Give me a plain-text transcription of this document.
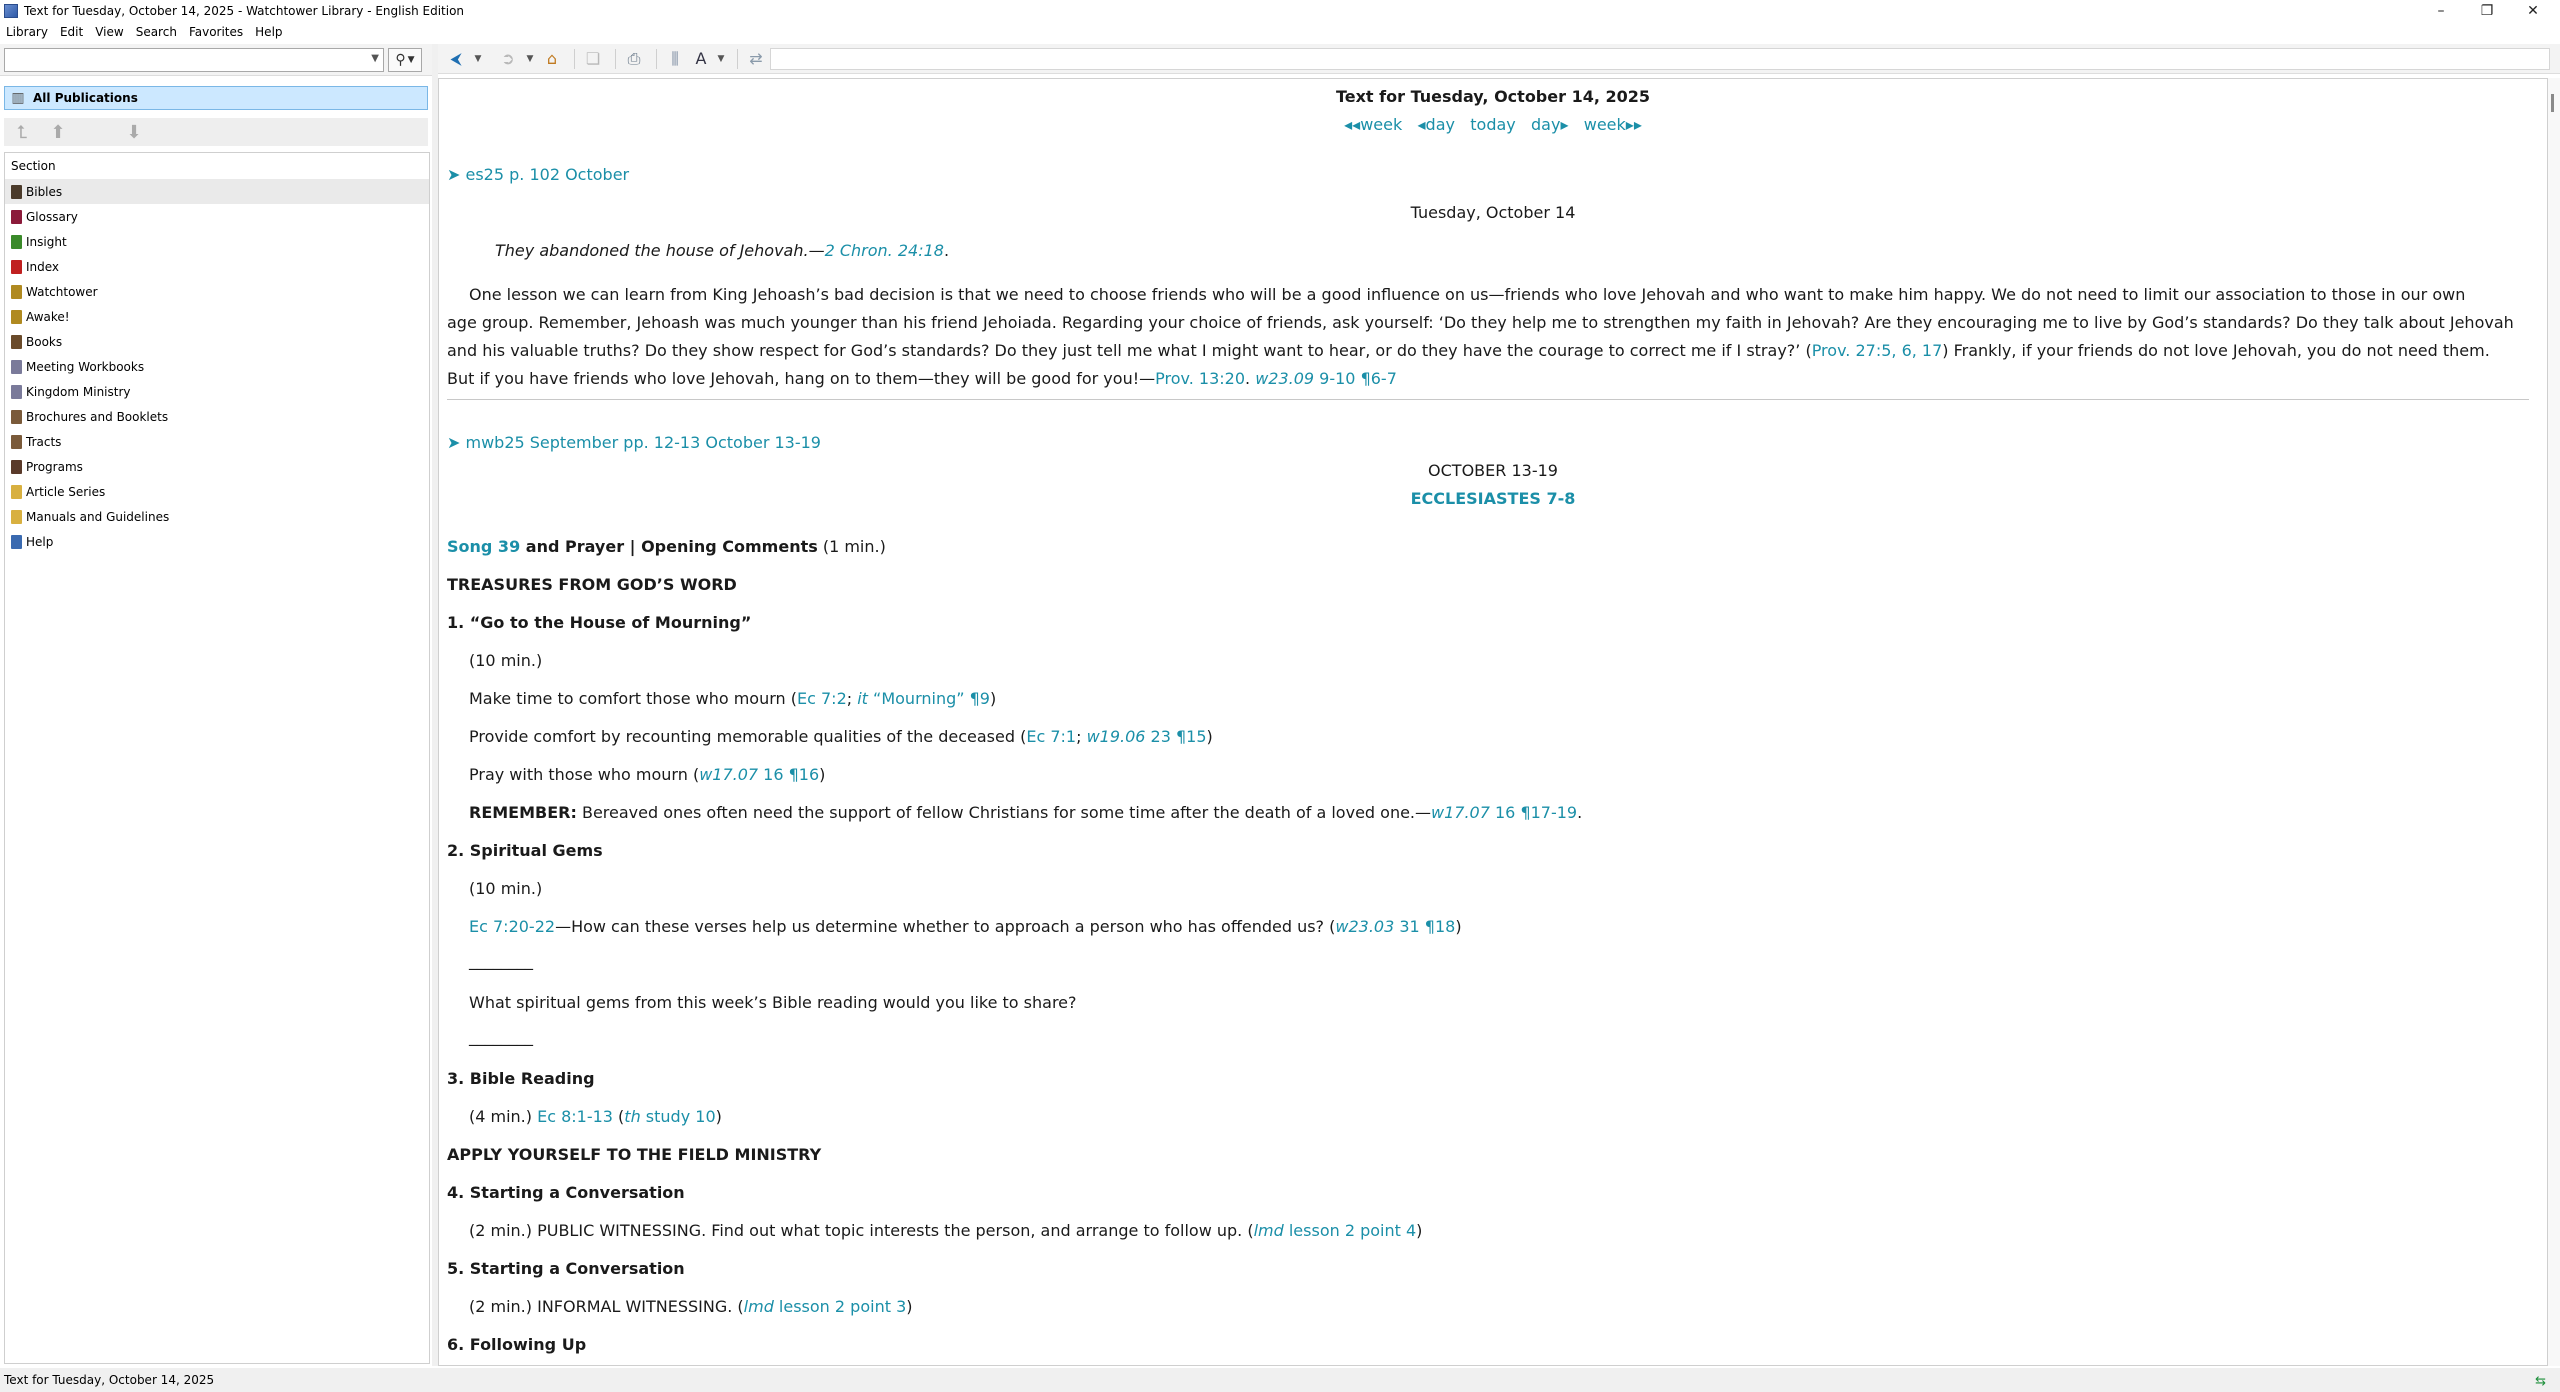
Text for Tuesday, October 14, 2025 - Watchtower Library - English Edition	–	❐	✕
Library	Edit	View	Search	Favorites	Help
▼ ⚲ ▼
▥ All Publications
⮤	⬆	⬇
Section
Bibles
Glossary
Insight
Index
Watchtower
Awake!
Books
Meeting Workbooks
Kingdom Ministry
Brochures and Booklets
Tracts
Programs
Article Series
Manuals and Guidelines
Help
⮜	▼	➲	▼ ⌂	❏	⎙	⫼	A	▼	⇄
Text for Tuesday, October 14, 2025
◂◂week ◂day today day▸ week▸▸
➤ es25 p. 102 October
Tuesday, October 14
They abandoned the house of Jehovah.—2 Chron. 24:18.
One lesson we can learn from King Jehoash’s bad decision is that we need to choose friends who will be a good influence on us—friends who love Jehovah and who want to make him happy. We do not need to limit our association to those in our own
age group. Remember, Jehoash was much younger than his friend Jehoiada. Regarding your choice of friends, ask yourself: ‘Do they help me to strengthen my faith in Jehovah? Are they encouraging me to live by God’s standards? Do they talk about Jehovah
and his valuable truths? Do they show respect for God’s standards? Do they just tell me what I might want to hear, or do they have the courage to correct me if I stray?’ (Prov. 27:5, 6, 17) Frankly, if your friends do not love Jehovah, you do not need them.
But if you have friends who love Jehovah, hang on to them—they will be good for you!—Prov. 13:20. w23.09 9-10 ¶6-7
➤ mwb25 September pp. 12-13 October 13-19
OCTOBER 13-19
ECCLESIASTES 7-8
Song 39 and Prayer | Opening Comments (1 min.)
TREASURES FROM GOD’S WORD
1. “Go to the House of Mourning”
(10 min.)
Make time to comfort those who mourn (Ec 7:2; it “Mourning” ¶9)
Provide comfort by recounting memorable qualities of the deceased (Ec 7:1; w19.06 23 ¶15)
Pray with those who mourn (w17.07 16 ¶16)
REMEMBER: Bereaved ones often need the support of fellow Christians for some time after the death of a loved one.—w17.07 16 ¶17-19.
2. Spiritual Gems
(10 min.)
Ec 7:20-22—How can these verses help us determine whether to approach a person who has offended us? (w23.03 31 ¶18)
________
What spiritual gems from this week’s Bible reading would you like to share?
________
3. Bible Reading
(4 min.) Ec 8:1-13 (th study 10)
APPLY YOURSELF TO THE FIELD MINISTRY
4. Starting a Conversation
(2 min.) PUBLIC WITNESSING. Find out what topic interests the person, and arrange to follow up. (lmd lesson 2 point 4)
5. Starting a Conversation
(2 min.) INFORMAL WITNESSING. (lmd lesson 2 point 3)
6. Following Up
Text for Tuesday, October 14, 2025	⇆
